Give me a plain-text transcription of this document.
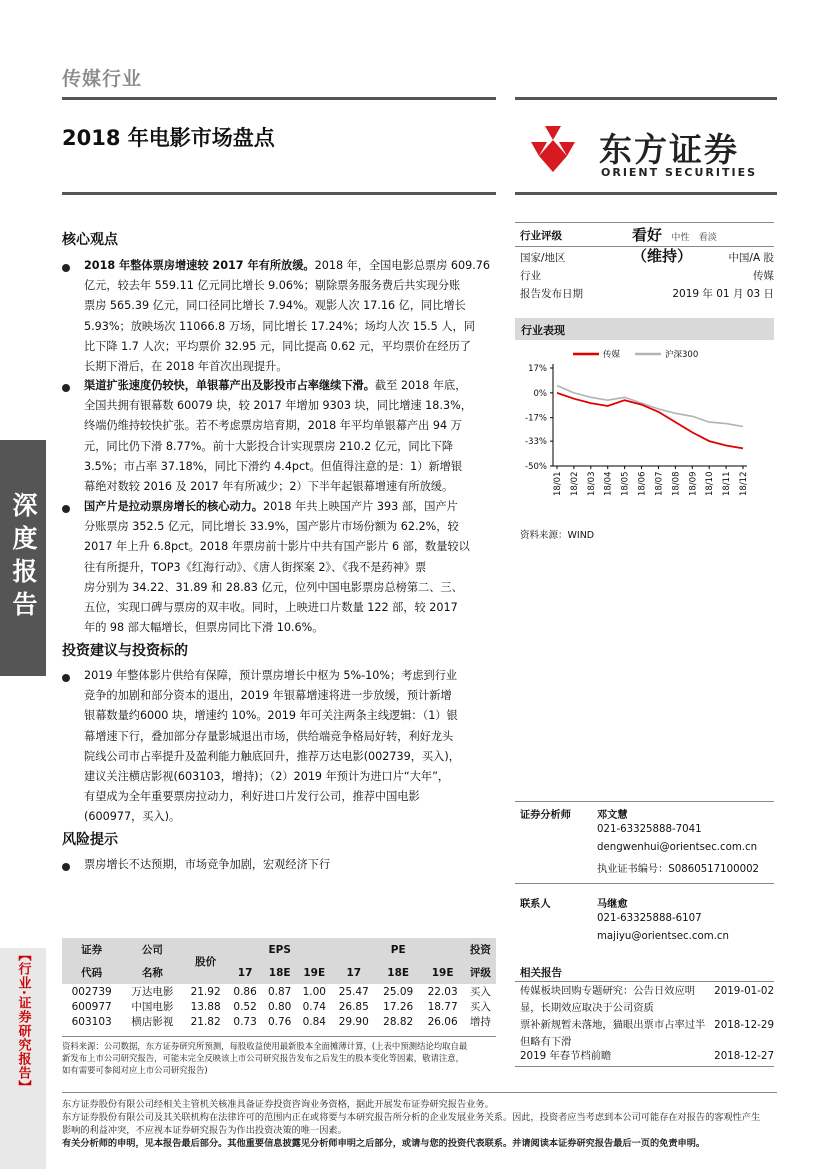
传媒行业
2018 年电影市场盘点	东方证券
ORIENT SECURITIES
深度报告
【行业·证券研究报告】
核心观点
2018 年整体票房增速较 2017 年有所放缓。2018 年，全国电影总票房 609.76
亿元，较去年 559.11 亿元同比增长 9.06%；剔除票务服务费后共实现分账
票房 565.39 亿元，同口径同比增长 7.94%。观影人次 17.16 亿，同比增长
5.93%；放映场次 11066.8 万场，同比增长 17.24%；场均人次 15.5 人，同
比下降 1.7 人次；平均票价 32.95 元，同比提高 0.62 元，平均票价在经历了
长期下滑后，在 2018 年首次出现提升。
渠道扩张速度仍较快，单银幕产出及影投市占率继续下滑。截至 2018 年底，
全国共拥有银幕数 60079 块，较 2017 年增加 9303 块，同比增速 18.3%，
终端仍维持较快扩张。若不考虑票房培育期，2018 年平均单银幕产出 94 万
元，同比仍下滑 8.77%。前十大影投合计实现票房 210.2 亿元，同比下降
3.5%；市占率 37.18%，同比下滑约 4.4pct。但值得注意的是：1）新增银
幕绝对数较 2016 及 2017 年有所减少；2）下半年起银幕增速有所放缓。
国产片是拉动票房增长的核心动力。2018 年共上映国产片 393 部，国产片
分账票房 352.5 亿元，同比增长 33.9%，国产影片市场份额为 62.2%，较
2017 年上升 6.8pct。2018 年票房前十影片中共有国产影片 6 部，数量较以
往有所提升，TOP3《红海行动》、《唐人街探案 2》、《我不是药神》票
房分别为 34.22、31.89 和 28.83 亿元，位列中国电影票房总榜第二、三、
五位，实现口碑与票房的双丰收。同时，上映进口片数量 122 部，较 2017
年的 98 部大幅增长，但票房同比下滑 10.6%。
投资建议与投资标的
2019 年整体影片供给有保障，预计票房增长中枢为 5%-10%；考虑到行业
竞争的加剧和部分资本的退出，2019 年银幕增速将进一步放缓，预计新增
银幕数量约6000 块，增速约 10%。2019 年可关注两条主线逻辑：（1）银
幕增速下行，叠加部分存量影城退出市场，供给端竞争格局好转，利好龙头
院线公司市占率提升及盈利能力触底回升，推荐万达电影(002739，买入)，
建议关注横店影视(603103，增持)；（2）2019 年预计为进口片“大年”，
有望成为全年重要票房拉动力，利好进口片发行公司，推荐中国电影
(600977，买入)。
风险提示
票房增长不达预期，市场竞争加剧，宏观经济下行
行业评级	看好 中性 看淡 （维持）
国家/地区	中国/A 股
行业	传媒
报告发布日期	2019 年 01 月 03 日
行业表现
17%
0%
-17%
-33%
-50%
18/01 18/02 18/03 18/04 18/05 18/06 18/07 18/08 18/09 18/10 18/11 18/12
传媒	沪深300
资料来源：WIND
证券分析师	邓文慧
021-63325888-7041
dengwenhui@orientsec.com.cn
执业证书编号：S0860517100002
联系人	马继愈
021-63325888-6107
majiyu@orientsec.com.cn
相关报告
传媒板块回购专题研究：公告日效应明
显，长期效应取决于公司资质
2019-01-02
票补新规暂未落地，猫眼出票市占率过半
但略有下滑
2018-12-29
2019 年春节档前瞻	2018-12-27
证券	公司	股价	EPS			PE			投资
代码	名称		17	18E	19E	17	18E	19E	评级
002739	万达电影	21.92	0.86	0.87	1.00	25.47	25.09	22.03	买入
600977	中国电影	13.88	0.52	0.80	0.74	26.85	17.26	18.77	买入
603103	横店影视	21.82	0.73	0.76	0.84	29.90	28.82	26.06	增持
资料来源：公司数据，东方证券研究所预测，每股收益使用最新股本全面摊薄计算，(上表中预测结论均取自最
新发布上市公司研究报告，可能未完全反映该上市公司研究报告发布之后发生的股本变化等因素，敬请注意，
如有需要可参阅对应上市公司研究报告)
东方证券股份有限公司经相关主管机关核准具备证券投资咨询业务资格，据此开展发布证券研究报告业务。
东方证券股份有限公司及其关联机构在法律许可的范围内正在或将要与本研究报告所分析的企业发展业务关系。因此，投资者应当考虑到本公司可能存在对报告的客观性产生
影响的利益冲突，不应视本证券研究报告为作出投资决策的唯一因素。
有关分析师的申明，见本报告最后部分。其他重要信息披露见分析师申明之后部分，或请与您的投资代表联系。并请阅读本证券研究报告最后一页的免责申明。
